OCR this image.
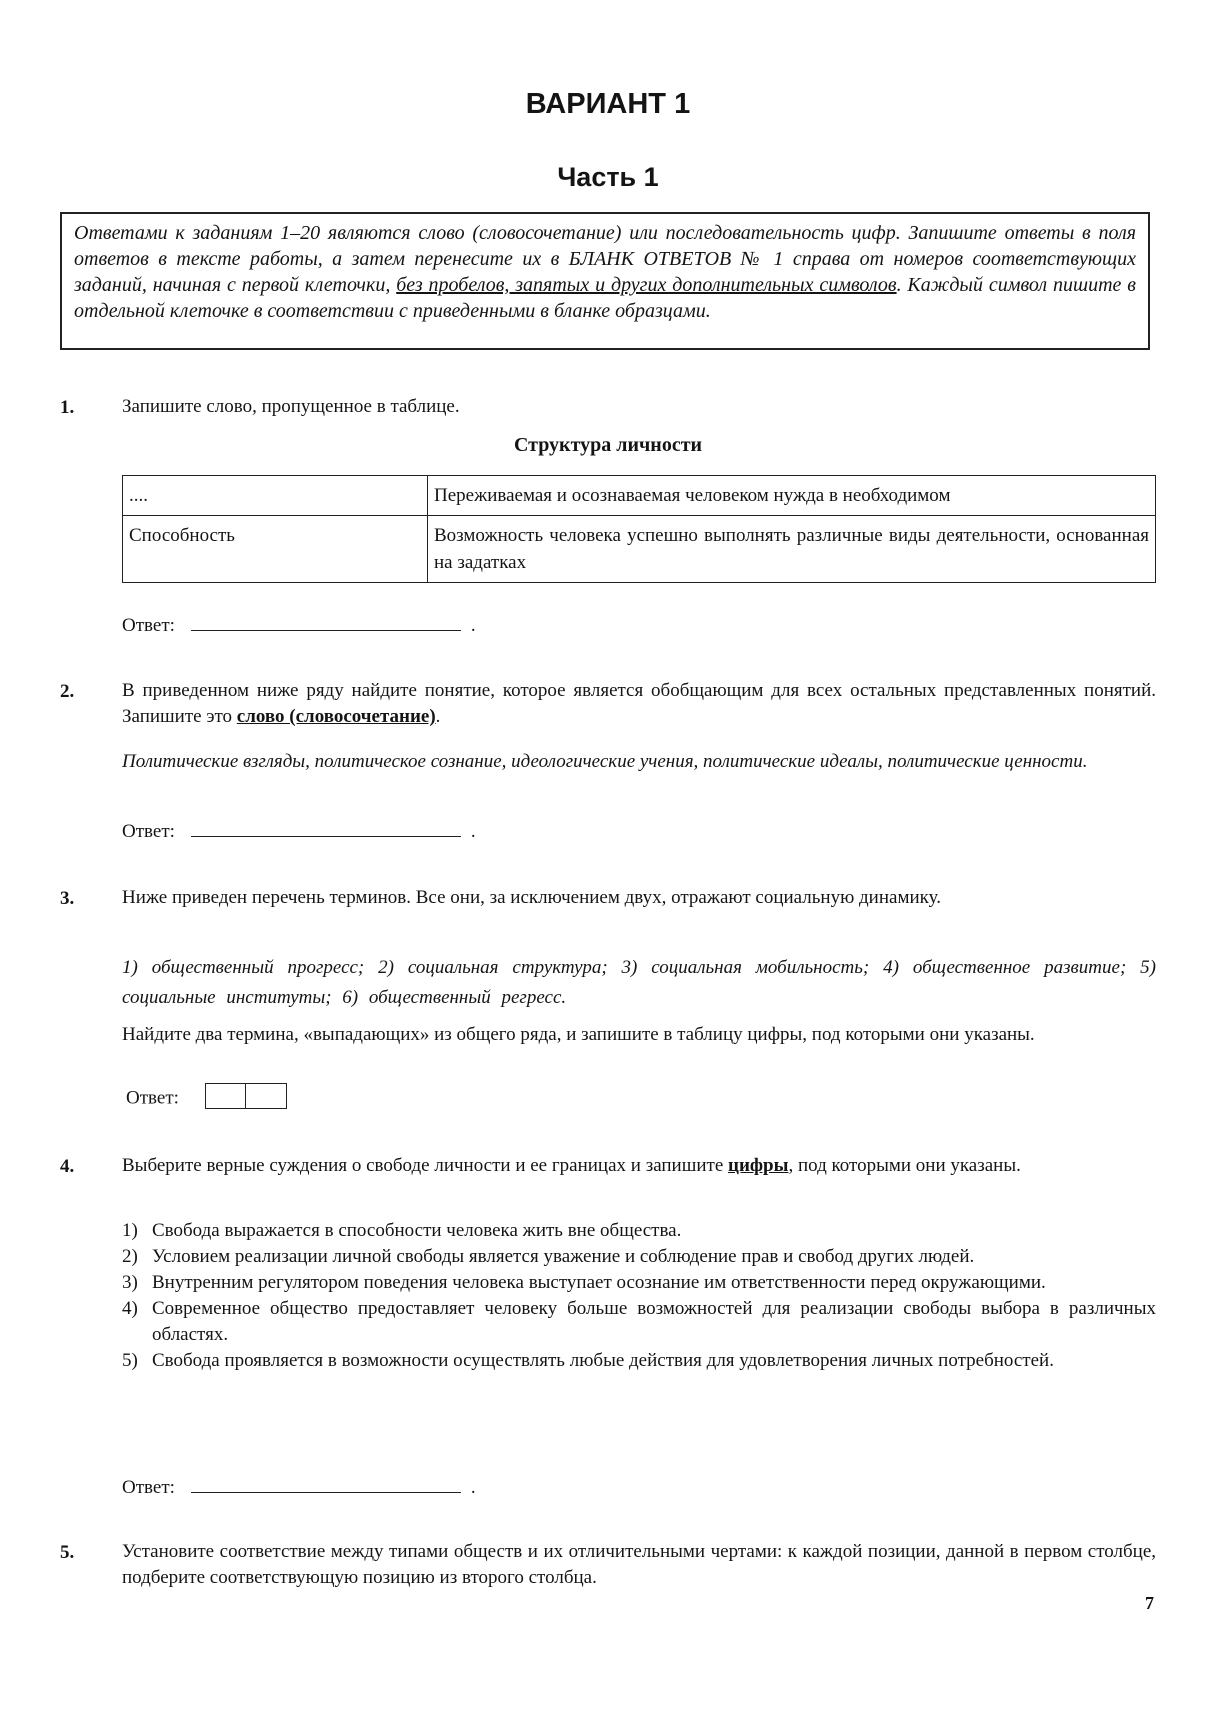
ВАРИАНТ 1
Часть 1
Ответами к заданиям 1–20 являются слово (словосочетание) или последовательность цифр. Запишите ответы в поля ответов в тексте работы, а затем перенесите их в БЛАНК ОТВЕТОВ № 1 справа от номеров соответствующих заданий, начиная с первой клеточки, без пробелов, запятых и других дополнительных символов. Каждый символ пишите в отдельной клеточке в соответствии с приведенными в бланке образцами.
1.	Запишите слово, пропущенное в таблице.
Структура личности
....	Переживаемая и осознаваемая человеком нужда в необходимом
Способность	Возможность человека успешно выполнять различные виды деятельности, основанная на задатках
Ответ:	.
2.	В приведенном ниже ряду найдите понятие, которое является обобщающим для всех остальных представленных понятий. Запишите это слово (словосочетание).
Политические взгляды, политическое сознание, идеологические учения, политические идеалы, политические ценности.
Ответ:	.
3.	Ниже приведен перечень терминов. Все они, за исключением двух, отражают социальную динамику.
1) общественный прогресс; 2) социальная структура; 3) социальная мобильность; 4) общественное развитие; 5) социальные институты; 6) общественный регресс.
Найдите два термина, «выпадающих» из общего ряда, и запишите в таблицу цифры, под которыми они указаны.
Ответ:
4.	Выберите верные суждения о свободе личности и ее границах и запишите цифры, под которыми они указаны.
1) Свобода выражается в способности человека жить вне общества.
2) Условием реализации личной свободы является уважение и соблюдение прав и свобод других людей.
3) Внутренним регулятором поведения человека выступает осознание им ответственности перед окружающими.
4) Современное общество предоставляет человеку больше возможностей для реализации свободы выбора в различных областях.
5) Свобода проявляется в возможности осуществлять любые действия для удовлетворения личных потребностей.
Ответ:	.
5.	Установите соответствие между типами обществ и их отличительными чертами: к каждой позиции, данной в первом столбце, подберите соответствующую позицию из второго столбца.
7
